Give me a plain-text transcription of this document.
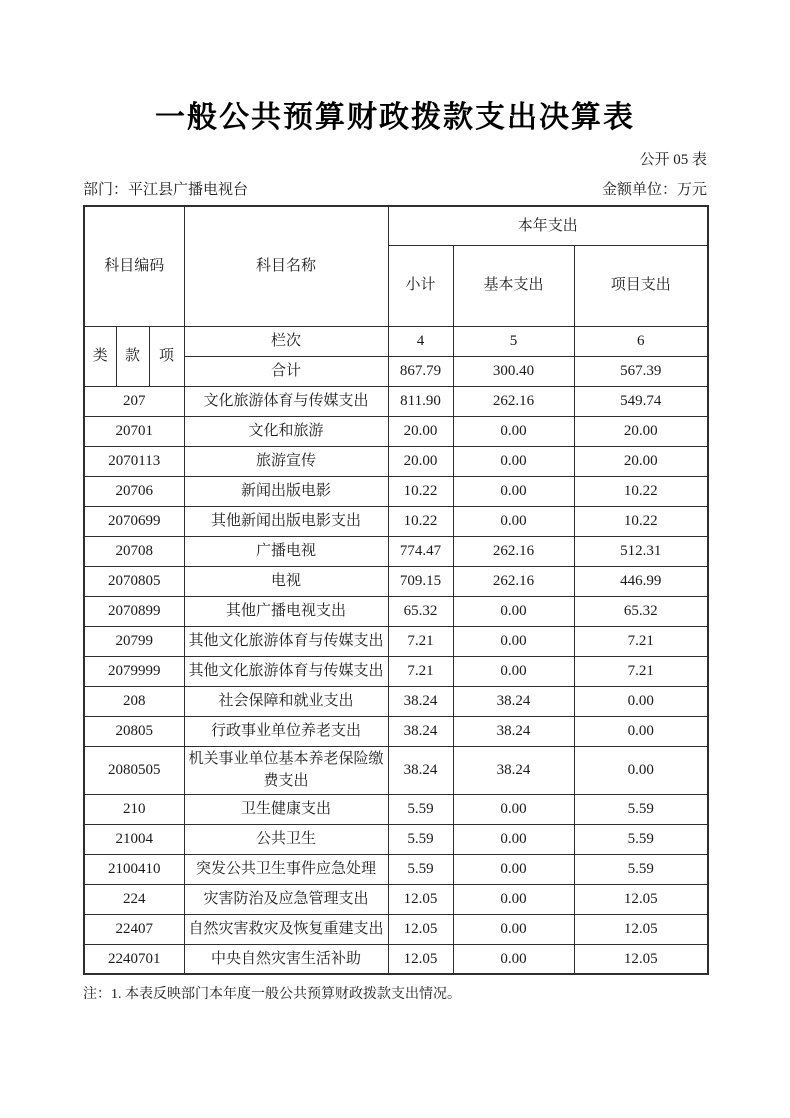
一般公共预算财政拨款支出决算表
公开 05 表
部门：平江县广播电视台	金额单位：万元
科目编码			科目名称	本年支出		
				小计	基本支出	项目支出
类	款	项	栏次	4	5	6
			合计	867.79	300.40	567.39
207			文化旅游体育与传媒支出	811.90	262.16	549.74
20701			文化和旅游	20.00	0.00	20.00
2070113			旅游宣传	20.00	0.00	20.00
20706			新闻出版电影	10.22	0.00	10.22
2070699			其他新闻出版电影支出	10.22	0.00	10.22
20708			广播电视	774.47	262.16	512.31
2070805			电视	709.15	262.16	446.99
2070899			其他广播电视支出	65.32	0.00	65.32
20799			其他文化旅游体育与传媒支出	7.21	0.00	7.21
2079999			其他文化旅游体育与传媒支出	7.21	0.00	7.21
208			社会保障和就业支出	38.24	38.24	0.00
20805			行政事业单位养老支出	38.24	38.24	0.00
2080505			机关事业单位基本养老保险缴费支出	38.24	38.24	0.00
210			卫生健康支出	5.59	0.00	5.59
21004			公共卫生	5.59	0.00	5.59
2100410			突发公共卫生事件应急处理	5.59	0.00	5.59
224			灾害防治及应急管理支出	12.05	0.00	12.05
22407			自然灾害救灾及恢复重建支出	12.05	0.00	12.05
2240701			中央自然灾害生活补助	12.05	0.00	12.05
注：1. 本表反映部门本年度一般公共预算财政拨款支出情况。
